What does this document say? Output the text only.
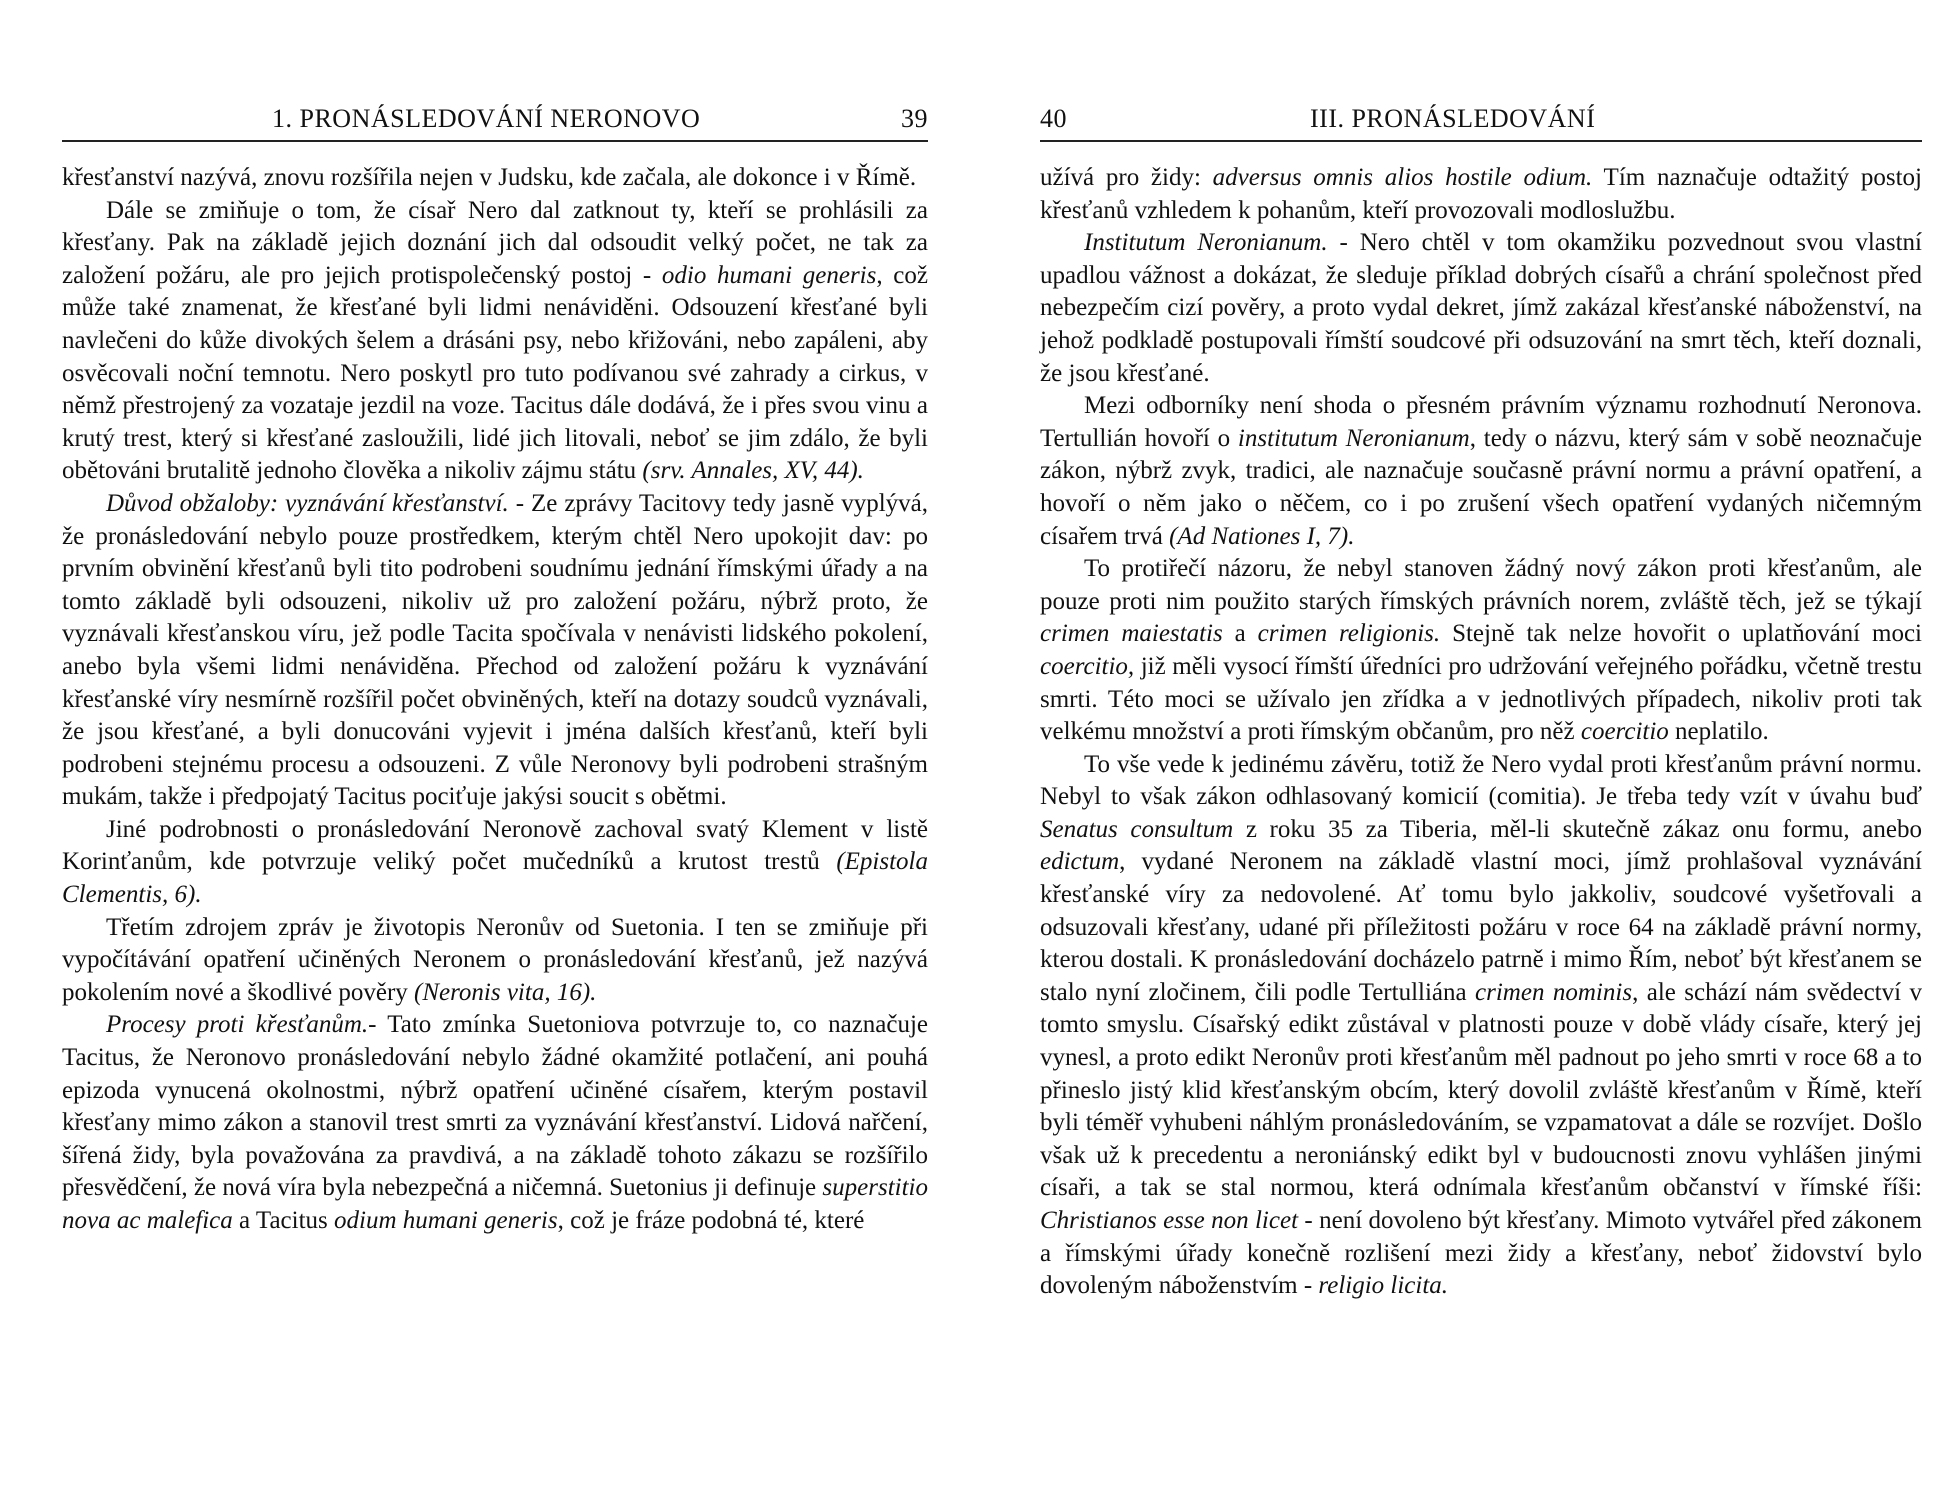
1. PRONÁSLEDOVÁNÍ NERONOVO	39

křesťanství nazývá, znovu rozšířila nejen v Judsku, kde začala, ale dokonce i v Římě.

Dále se zmiňuje o tom, že císař Nero dal zatknout ty, kteří se prohlásili za křesťany. Pak na základě jejich doznání jich dal odsoudit velký počet, ne tak za založení požáru, ale pro jejich protispolečenský postoj - odio humani generis, což může také znamenat, že křesťané byli lidmi nenáviděni. Odsouzení křesťané byli navlečeni do kůže divokých šelem a drásáni psy, nebo křižováni, nebo zapáleni, aby osvěcovali noční temnotu. Nero poskytl pro tuto podívanou své zahrady a cirkus, v němž přestrojený za vozataje jezdil na voze. Tacitus dále dodává, že i přes svou vinu a krutý trest, který si křesťané zasloužili, lidé jich litovali, neboť se jim zdálo, že byli obětováni brutalitě jednoho člověka a nikoliv zájmu státu (srv. Annales, XV, 44).

Důvod obžaloby: vyznávání křesťanství. - Ze zprávy Tacitovy tedy jasně vyplývá, že pronásledování nebylo pouze prostředkem, kterým chtěl Nero upokojit dav: po prvním obvinění křesťanů byli tito podrobeni soudnímu jednání římskými úřady a na tomto základě byli odsouzeni, nikoliv už pro založení požáru, nýbrž proto, že vyznávali křesťanskou víru, jež podle Tacita spočívala v nenávisti lidského pokolení, anebo byla všemi lidmi nenáviděna. Přechod od založení požáru k vyznávání křesťanské víry nesmírně rozšířil počet obviněných, kteří na dotazy soudců vyznávali, že jsou křesťané, a byli donucováni vyjevit i jména dalších křesťanů, kteří byli podrobeni stejnému procesu a odsouzeni. Z vůle Neronovy byli podrobeni strašným mukám, takže i předpojatý Tacitus pociťuje jakýsi soucit s obětmi.

Jiné podrobnosti o pronásledování Neronově zachoval svatý Klement v listě Korinťanům, kde potvrzuje veliký počet mučedníků a krutost trestů (Epistola Clementis, 6).

Třetím zdrojem zpráv je životopis Neronův od Suetonia. I ten se zmiňuje při vypočítávání opatření učiněných Neronem o pronásledování křesťanů, jež nazývá pokolením nové a škodlivé pověry (Neronis vita, 16).

Procesy proti křesťanům.- Tato zmínka Suetoniova potvrzuje to, co naznačuje Tacitus, že Neronovo pronásledování nebylo žádné okamžité potlačení, ani pouhá epizoda vynucená okolnostmi, nýbrž opatření učiněné císařem, kterým postavil křesťany mimo zákon a stanovil trest smrti za vyznávání křesťanství. Lidová nařčení, šířená židy, byla považována za pravdivá, a na základě tohoto zákazu se rozšířilo přesvědčení, že nová víra byla nebezpečná a ničemná. Suetonius ji definuje superstitio nova ac malefica a Tacitus odium humani generis, což je fráze podobná té, které

40	III. PRONÁSLEDOVÁNÍ

užívá pro židy: adversus omnis alios hostile odium. Tím naznačuje odtažitý postoj křesťanů vzhledem k pohanům, kteří provozovali modloslužbu.

Institutum Neronianum. - Nero chtěl v tom okamžiku pozvednout svou vlastní upadlou vážnost a dokázat, že sleduje příklad dobrých císařů a chrání společnost před nebezpečím cizí pověry, a proto vydal dekret, jímž zakázal křesťanské náboženství, na jehož podkladě postupovali římští soudcové při odsuzování na smrt těch, kteří doznali, že jsou křesťané.

Mezi odborníky není shoda o přesném právním významu rozhodnutí Neronova. Tertullián hovoří o institutum Neronianum, tedy o názvu, který sám v sobě neoznačuje zákon, nýbrž zvyk, tradici, ale naznačuje současně právní normu a právní opatření, a hovoří o něm jako o něčem, co i po zrušení všech opatření vydaných ničemným císařem trvá (Ad Nationes I, 7).

To protiřečí názoru, že nebyl stanoven žádný nový zákon proti křesťanům, ale pouze proti nim použito starých římských právních norem, zvláště těch, jež se týkají crimen maiestatis a crimen religionis. Stejně tak nelze hovořit o uplatňování moci coercitio, již měli vysocí římští úředníci pro udržování veřejného pořádku, včetně trestu smrti. Této moci se užívalo jen zřídka a v jednotlivých případech, nikoliv proti tak velkému množství a proti římským občanům, pro něž coercitio neplatilo.

To vše vede k jedinému závěru, totiž že Nero vydal proti křesťanům právní normu. Nebyl to však zákon odhlasovaný komicií (comitia). Je třeba tedy vzít v úvahu buď Senatus consultum z roku 35 za Tiberia, měl-li skutečně zákaz onu formu, anebo edictum, vydané Neronem na základě vlastní moci, jímž prohlašoval vyznávání křesťanské víry za nedovolené. Ať tomu bylo jakkoliv, soudcové vyšetřovali a odsuzovali křesťany, udané při příležitosti požáru v roce 64 na základě právní normy, kterou dostali. K pronásledování docházelo patrně i mimo Řím, neboť být křesťanem se stalo nyní zločinem, čili podle Tertulliána crimen nominis, ale schází nám svědectví v tomto smyslu. Císařský edikt zůstával v platnosti pouze v době vlády císaře, který jej vynesl, a proto edikt Neronův proti křesťanům měl padnout po jeho smrti v roce 68 a to přineslo jistý klid křesťanským obcím, který dovolil zvláště křesťanům v Římě, kteří byli téměř vyhubeni náhlým pronásledováním, se vzpamatovat a dále se rozvíjet. Došlo však už k precedentu a neroniánský edikt byl v budoucnosti znovu vyhlášen jinými císaři, a tak se stal normou, která odnímala křesťanům občanství v římské říši: Christianos esse non licet - není dovoleno být křesťany. Mimoto vytvářel před zákonem a římskými úřady konečně rozlišení mezi židy a křesťany, neboť židovství bylo dovoleným náboženstvím - religio licita.
